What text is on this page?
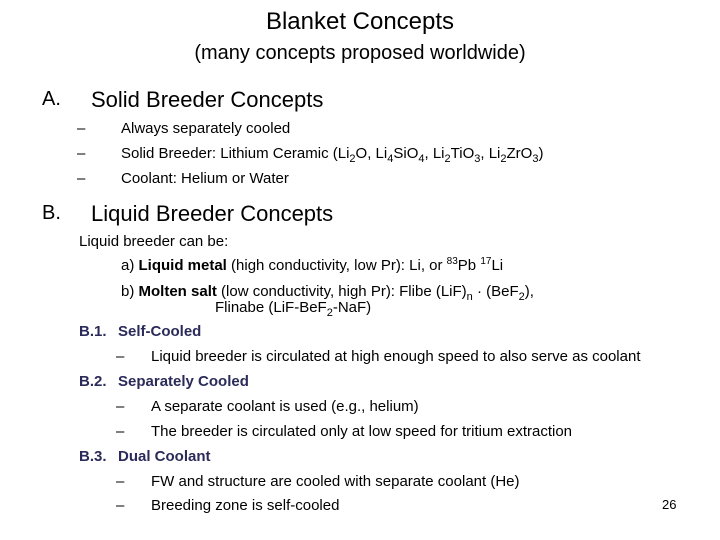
Blanket Concepts
(many concepts proposed worldwide)
A. Solid Breeder Concepts
– Always separately cooled
– Solid Breeder: Lithium Ceramic ($Li_2O$, $Li_4SiO_4$, $Li_2TiO_3$, $Li_2ZrO_3$)
– Coolant: Helium or Water
B. Liquid Breeder Concepts
Liquid breeder can be:
a) Liquid metal (high conductivity, low Pr): Li, or $^{83}$Pb $^{17}$Li
b) Molten salt (low conductivity, high Pr): Flibe $(LiF)_n \cdot (BeF_2)$,
Flinabe (LiF-BeF$_2$-NaF)
B.1. Self-Cooled
– Liquid breeder is circulated at high enough speed to also serve as coolant
B.2. Separately Cooled
– A separate coolant is used (e.g., helium)
– The breeder is circulated only at low speed for tritium extraction
B.3. Dual Coolant
– FW and structure are cooled with separate coolant (He)
– Breeding zone is self-cooled	26
